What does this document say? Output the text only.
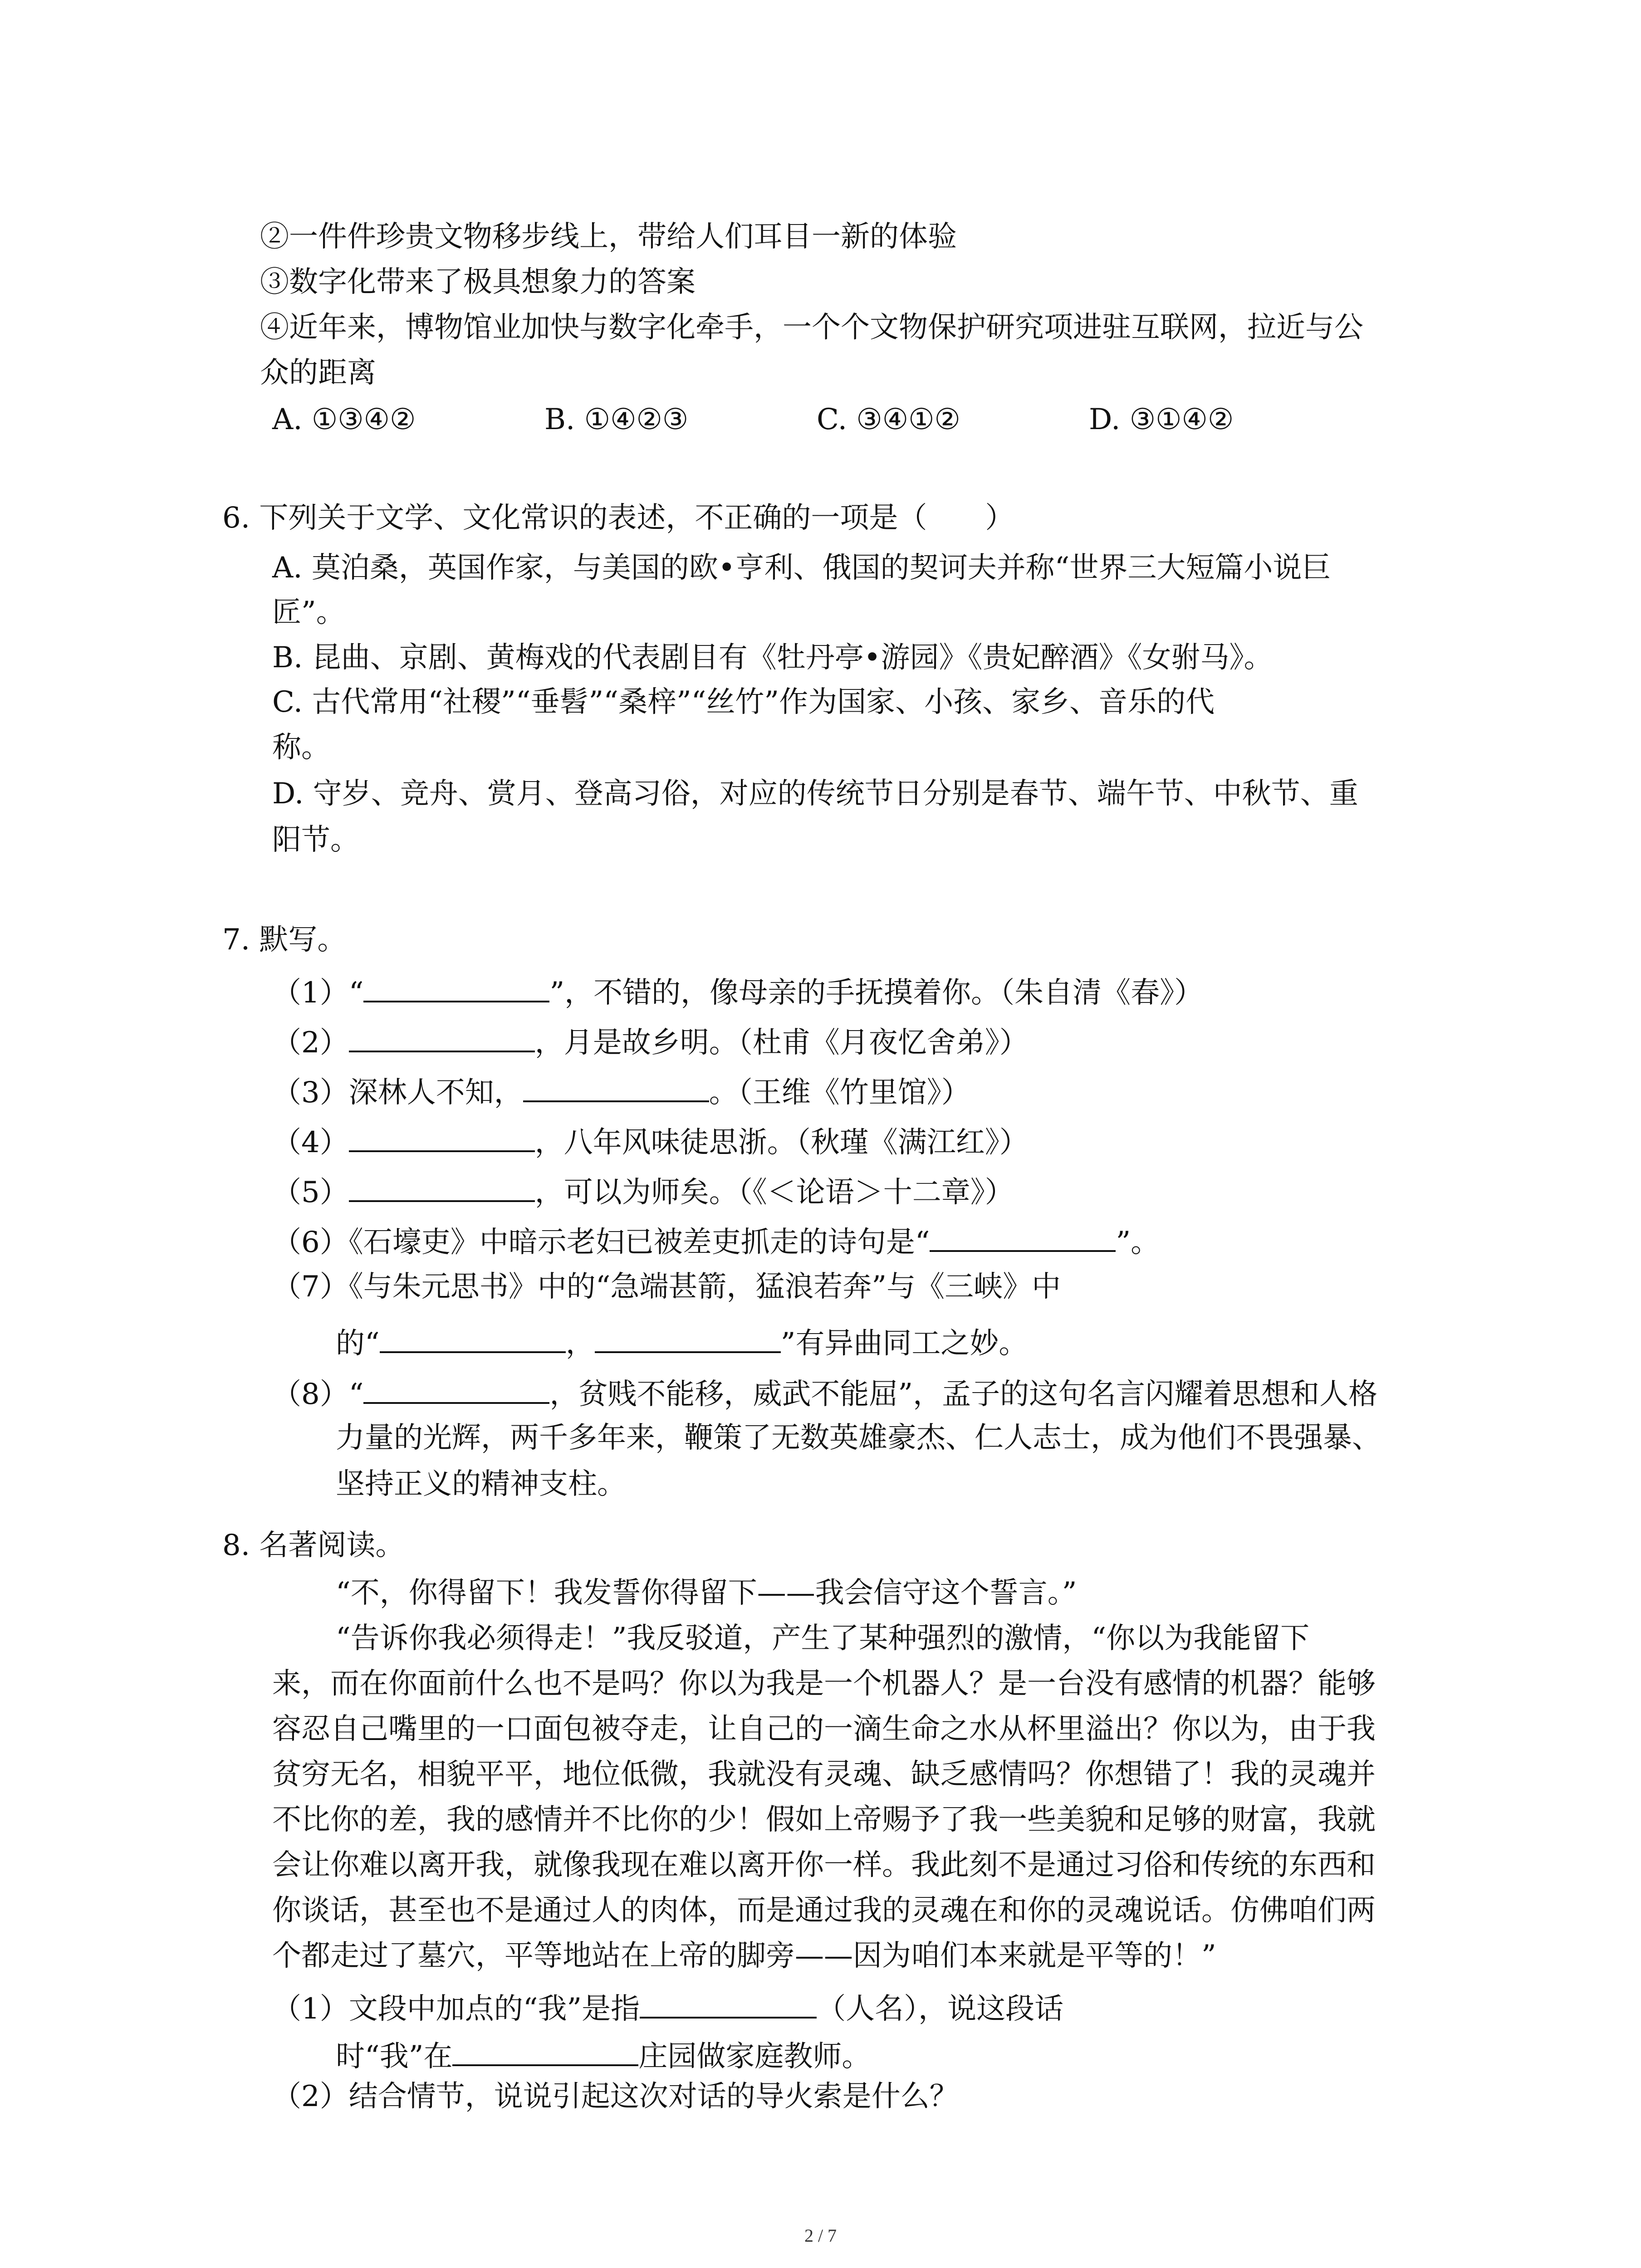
②一件件珍贵文物移步线上，带给人们耳目一新的体验
③数字化带来了极具想象力的答案
④近年来，博物馆业加快与数字化牵手，一个个文物保护研究项进驻互联网，拉近与公
众的距离
A. ①③④②	B. ①④②③	C. ③④①②	D. ③①④②
6. 下列关于文学、文化常识的表述，不正确的一项是（　　）
A. 莫泊桑，英国作家，与美国的欧•亨利、俄国的契诃夫并称“世界三大短篇小说巨
匠”。
B. 昆曲、京剧、黄梅戏的代表剧目有《牡丹亭•游园》《贵妃醉酒》《女驸马》。
C. 古代常用“社稷”“垂髫”“桑梓”“丝竹”作为国家、小孩、家乡、音乐的代
称。
D. 守岁、竞舟、赏月、登高习俗，对应的传统节日分别是春节、端午节、中秋节、重
阳节。
7. 默写。
（1）“	”，不错的，像母亲的手抚摸着你。（朱自清《春》）
（2）	，月是故乡明。（杜甫《月夜忆舍弟》）
（3）深林人不知，	。（王维《竹里馆》）
（4）	，八年风味徒思浙。（秋瑾《满江红》）
（5）	，可以为师矣。（《＜论语＞十二章》）
（6）《石壕吏》中暗示老妇已被差吏抓走的诗句是“	”。
（7）《与朱元思书》中的“急端甚箭，猛浪若奔”与《三峡》中
的“	，	”有异曲同工之妙。
（8）“	，贫贱不能移，威武不能屈”，孟子的这句名言闪耀着思想和人格
力量的光辉，两千多年来，鞭策了无数英雄豪杰、仁人志士，成为他们不畏强暴、
坚持正义的精神支柱。
8. 名著阅读。
“不，你得留下！我发誓你得留下——我会信守这个誓言。”
“告诉你我必须得走！”我反驳道，产生了某种强烈的激情，“你以为我能留下
来，而在你面前什么也不是吗？你以为我是一个机器人？是一台没有感情的机器？能够
容忍自己嘴里的一口面包被夺走，让自己的一滴生命之水从杯里溢出？你以为，由于我
贫穷无名，相貌平平，地位低微，我就没有灵魂、缺乏感情吗？你想错了！我的灵魂并
不比你的差，我的感情并不比你的少！假如上帝赐予了我一些美貌和足够的财富，我就
会让你难以离开我，就像我现在难以离开你一样。我此刻不是通过习俗和传统的东西和
你谈话，甚至也不是通过人的肉体，而是通过我的灵魂在和你的灵魂说话。仿佛咱们两
个都走过了墓穴，平等地站在上帝的脚旁——因为咱们本来就是平等的！”
（1）文段中加点的“我”是指	（人名），说这段话
时“我”在	庄园做家庭教师。
（2）结合情节，说说引起这次对话的导火索是什么？
2 / 7
